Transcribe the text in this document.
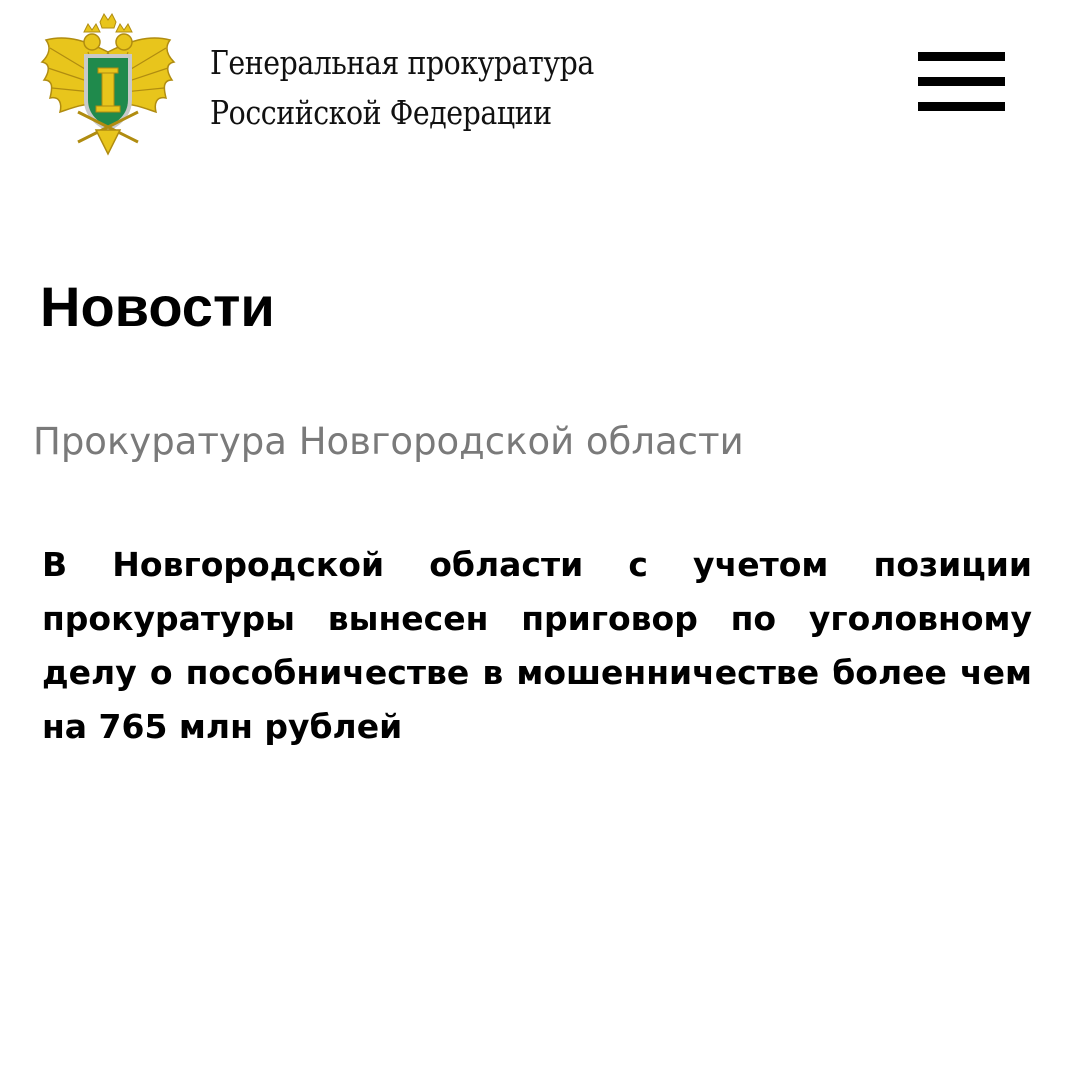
Генеральная прокуратура
Российской Федерации
Новости
Прокуратура Новгородской области
В Новгородской области с учетом позиции прокуратуры вынесен приговор по уголовному делу о пособничестве в мошенничестве более чем на 765 млн рублей
